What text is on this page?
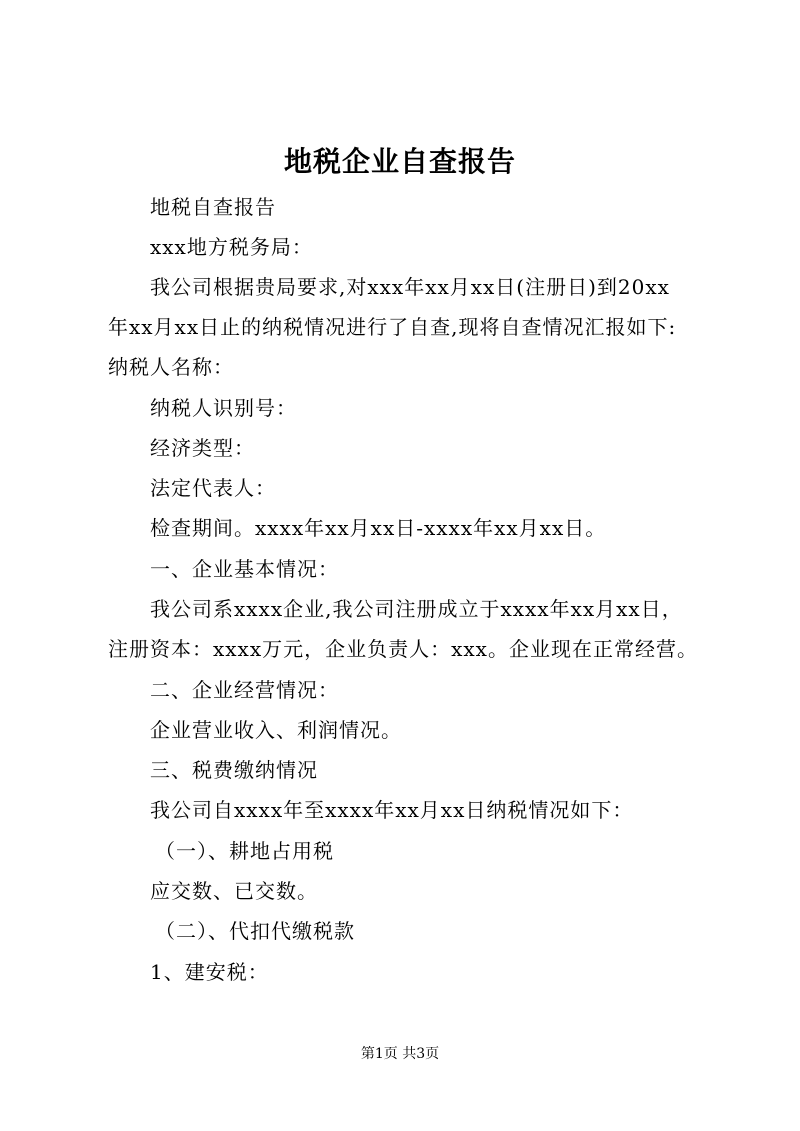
地税企业自查报告
地税自查报告
xxx地方税务局：
我公司根据贵局要求,对xxx年xx月xx日(注册日)到20xx
年xx月xx日止的纳税情况进行了自查,现将自查情况汇报如下:
纳税人名称：
纳税人识别号：
经济类型：
法定代表人：
检查期间。xxxx年xx月xx日-xxxx年xx月xx日。
一、企业基本情况：
我公司系xxxx企业,我公司注册成立于xxxx年xx月xx日，
注册资本：xxxx万元，企业负责人：xxx。企业现在正常经营。
二、企业经营情况：
企业营业收入、利润情况。
三、税费缴纳情况
我公司自xxxx年至xxxx年xx月xx日纳税情况如下：
（一）、耕地占用税
应交数、已交数。
（二）、代扣代缴税款
1、建安税：
第1页 共3页
